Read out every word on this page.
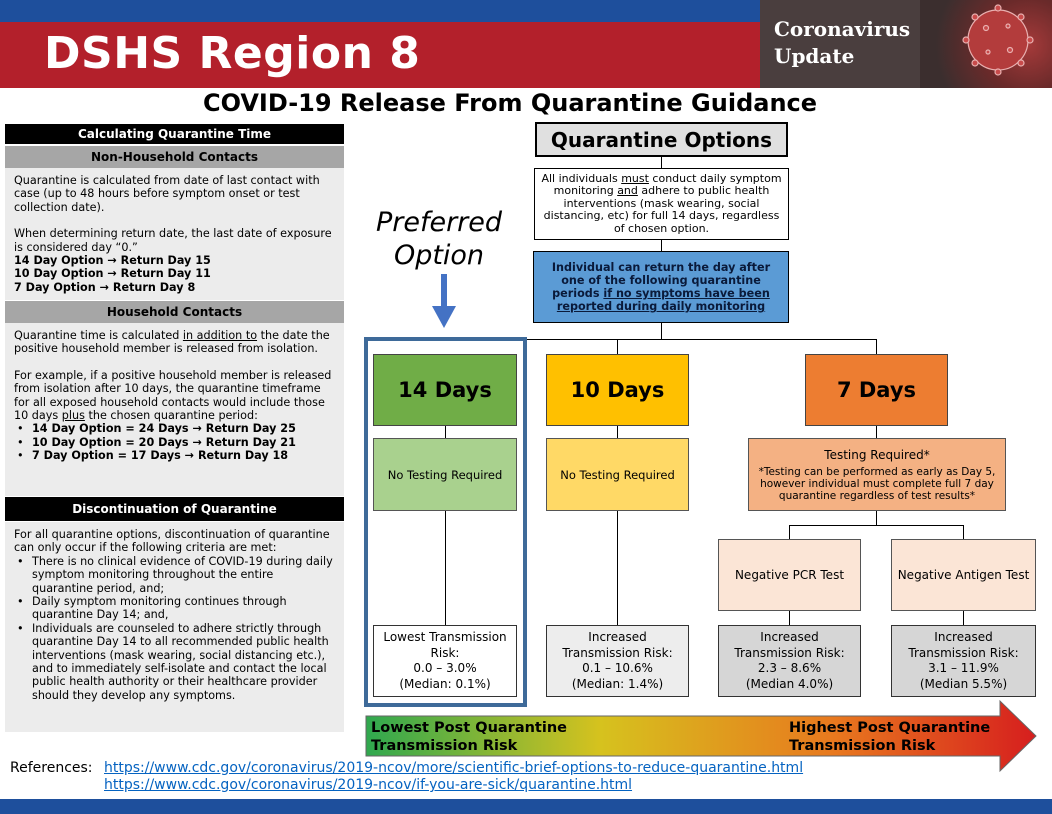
DSHS Region 8	Coronavirus
Update
COVID-19 Release From Quarantine Guidance
Calculating Quarantine Time
Non-Household Contacts

Quarantine is calculated from date of last contact with case (up to 48 hours before symptom onset or test collection date).

When determining return date, the last date of exposure is considered day “0.”
14 Day Option → Return Day 15
10 Day Option → Return Day 11
7 Day Option → Return Day 8
Household Contacts

Quarantine time is calculated in addition to the date the positive household member is released from isolation.

For example, if a positive household member is released from isolation after 10 days, the quarantine timeframe for all exposed household contacts would include those 10 days plus the chosen quarantine period:
• 14 Day Option = 24 Days → Return Day 25
• 10 Day Option = 20 Days → Return Day 21
• 7 Day Option = 17 Days → Return Day 18
Discontinuation of Quarantine
For all quarantine options, discontinuation of quarantine can only occur if the following criteria are met:
• There is no clinical evidence of COVID-19 during daily symptom monitoring throughout the entire quarantine period, and;
• Daily symptom monitoring continues through quarantine Day 14; and,
• Individuals are counseled to adhere strictly through quarantine Day 14 to all recommended public health interventions (mask wearing, social distancing etc.), and to immediately self-isolate and contact the local public health authority or their healthcare provider should they develop any symptoms.
Quarantine Options
All individuals must conduct daily symptom monitoring and adhere to public health interventions (mask wearing, social distancing, etc) for full 14 days, regardless of chosen option.
Individual can return the day after one of the following quarantine periods if no symptoms have been reported during daily monitoring
Preferred
Option
14 Days	10 Days	7 Days
No Testing Required	No Testing Required
Testing Required*
*Testing can be performed as early as Day 5, however individual must complete full 7 day quarantine regardless of test results*
Negative PCR Test	Negative Antigen Test
Lowest Transmission
Risk:
0.0 – 3.0%
(Median: 0.1%)
Increased
Transmission Risk:
0.1 – 10.6%
(Median: 1.4%)
Increased
Transmission Risk:
2.3 – 8.6%
(Median 4.0%)
Increased
Transmission Risk:
3.1 – 11.9%
(Median 5.5%)
Lowest Post Quarantine
Transmission Risk
Highest Post Quarantine
Transmission Risk
References: https://www.cdc.gov/coronavirus/2019-ncov/more/scientific-brief-options-to-reduce-quarantine.html
https://www.cdc.gov/coronavirus/2019-ncov/if-you-are-sick/quarantine.html
